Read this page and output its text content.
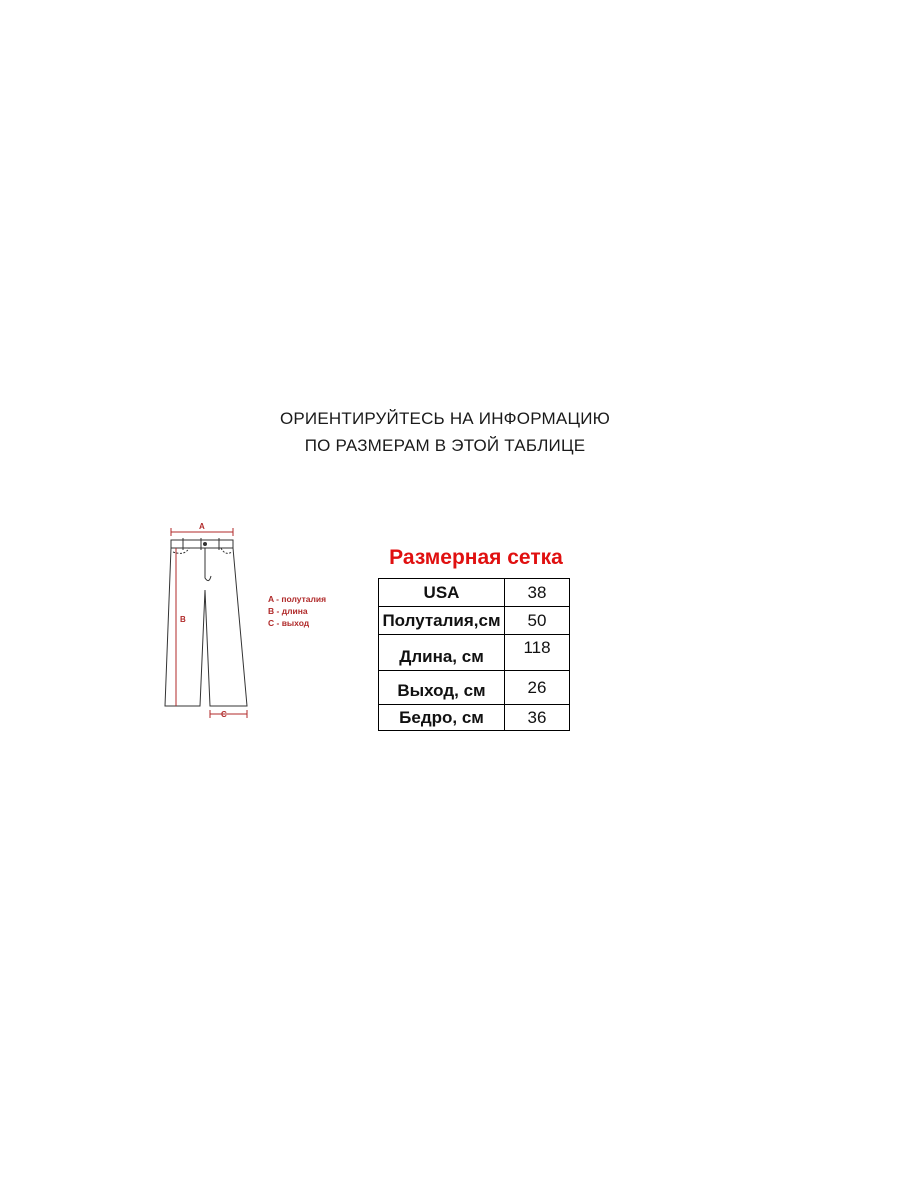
ОРИЕНТИРУЙТЕСЬ НА ИНФОРМАЦИЮ
ПО РАЗМЕРАМ В ЭТОЙ ТАБЛИЦЕ
A
B
C
A - полуталия
B - длина
C - выход
Размерная сетка
USA	38
Полуталия,см	50
Длина, см	118
Выход, см	26
Бедро, см	36
